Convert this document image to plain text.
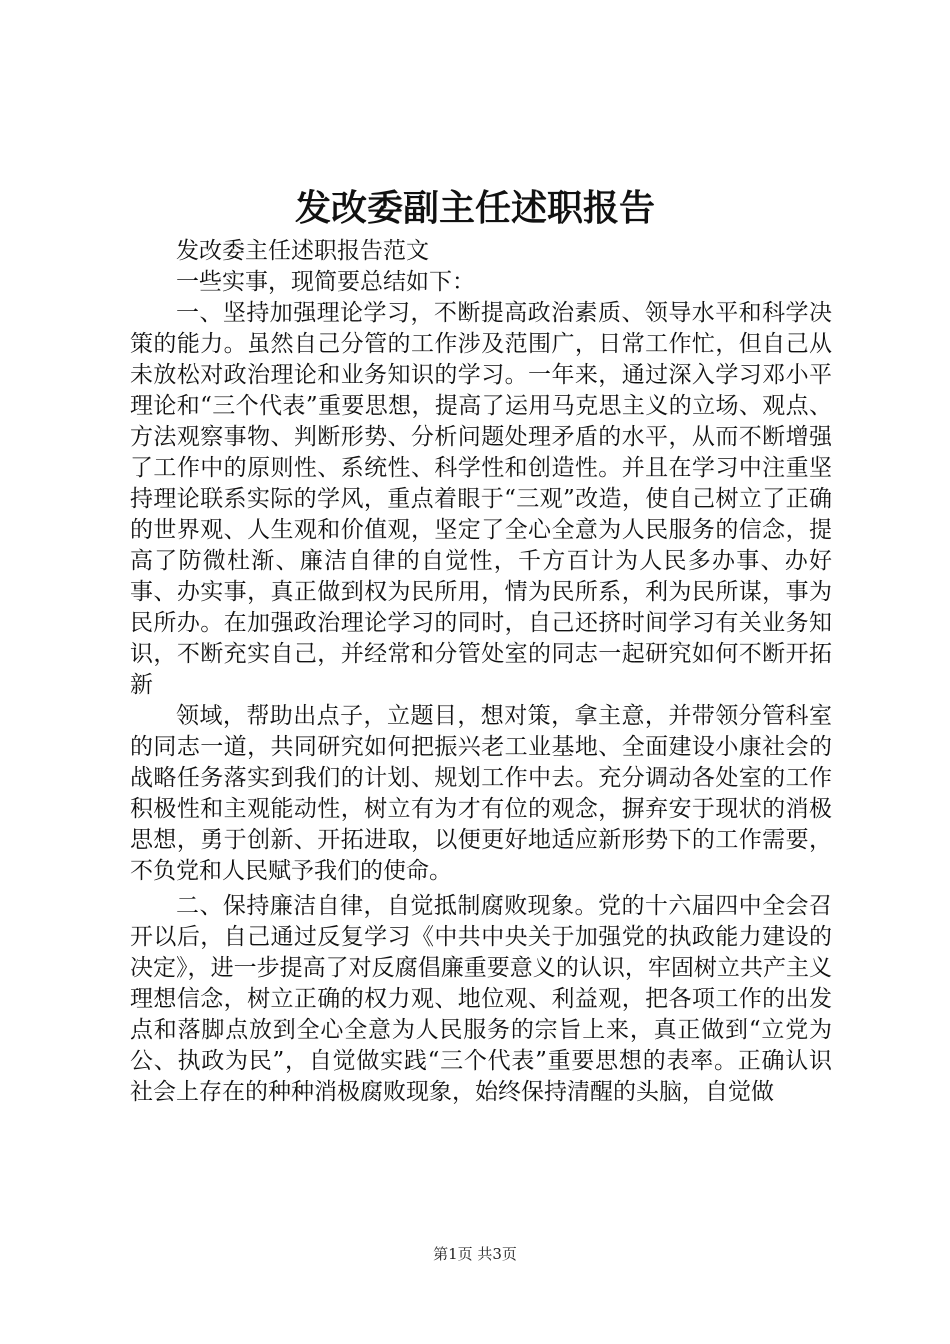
发改委副主任述职报告

发改委主任述职报告范文

一些实事，现简要总结如下：

一、坚持加强理论学习，不断提高政治素质、领导水平和科学决策的能力。虽然自己分管的工作涉及范围广，日常工作忙，但自己从未放松对政治理论和业务知识的学习。一年来，通过深入学习邓小平理论和“三个代表”重要思想，提高了运用马克思主义的立场、观点、方法观察事物、判断形势、分析问题处理矛盾的水平，从而不断增强了工作中的原则性、系统性、科学性和创造性。并且在学习中注重坚持理论联系实际的学风，重点着眼于“三观”改造，使自己树立了正确的世界观、人生观和价值观，坚定了全心全意为人民服务的信念，提高了防微杜渐、廉洁自律的自觉性，千方百计为人民多办事、办好事、办实事，真正做到权为民所用，情为民所系，利为民所谋，事为民所办。在加强政治理论学习的同时，自己还挤时间学习有关业务知识，不断充实自己，并经常和分管处室的同志一起研究如何不断开拓新

领域，帮助出点子，立题目，想对策，拿主意，并带领分管科室的同志一道，共同研究如何把振兴老工业基地、全面建设小康社会的战略任务落实到我们的计划、规划工作中去。充分调动各处室的工作积极性和主观能动性，树立有为才有位的观念，摒弃安于现状的消极思想，勇于创新、开拓进取，以便更好地适应新形势下的工作需要，不负党和人民赋予我们的使命。

二、保持廉洁自律，自觉抵制腐败现象。党的十六届四中全会召开以后，自己通过反复学习《中共中央关于加强党的执政能力建设的决定》，进一步提高了对反腐倡廉重要意义的认识，牢固树立共产主义理想信念，树立正确的权力观、地位观、利益观，把各项工作的出发点和落脚点放到全心全意为人民服务的宗旨上来，真正做到“立党为公、执政为民”，自觉做实践“三个代表”重要思想的表率。正确认识社会上存在的种种消极腐败现象，始终保持清醒的头脑，自觉做

第1页 共3页
